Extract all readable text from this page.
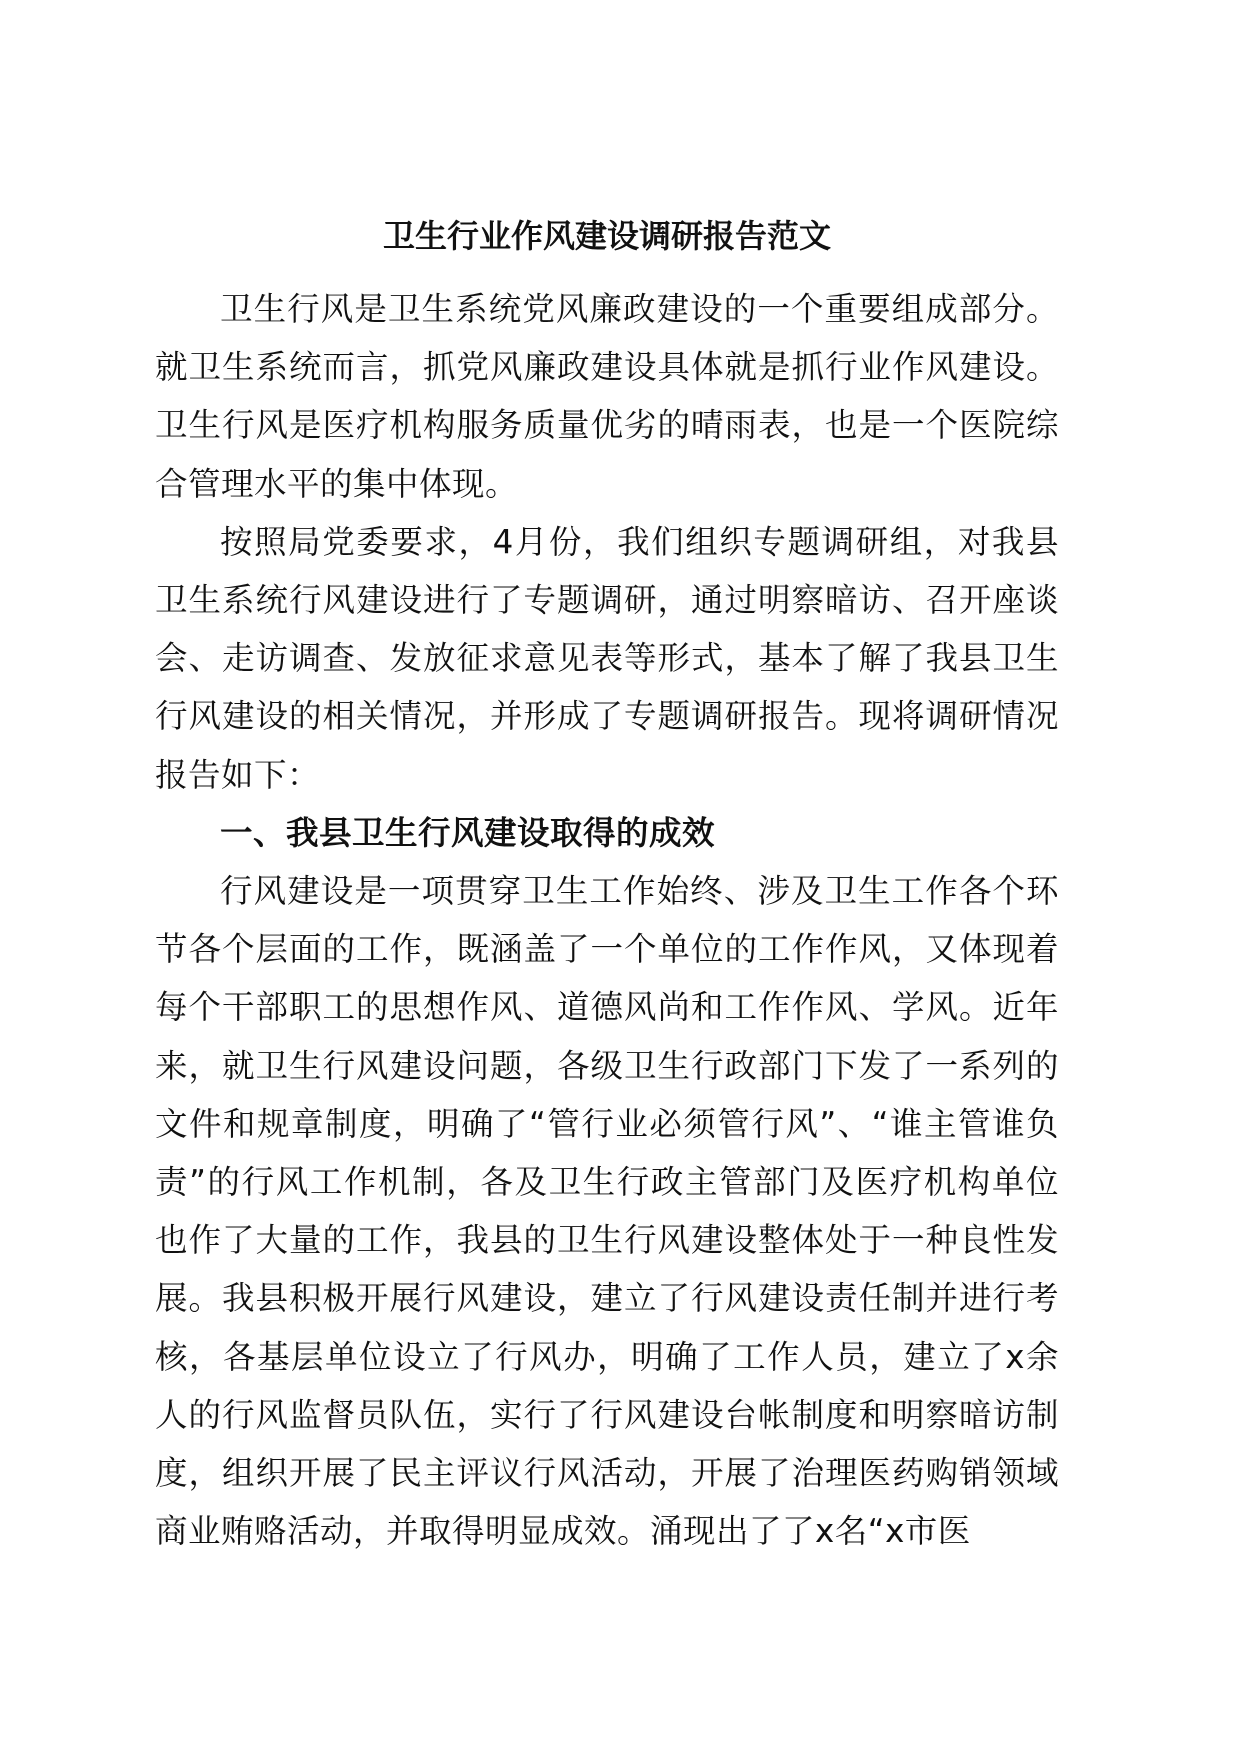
卫生行业作风建设调研报告范文

卫生行风是卫生系统党风廉政建设的一个重要组成部分。就卫生系统而言，抓党风廉政建设具体就是抓行业作风建设。卫生行风是医疗机构服务质量优劣的晴雨表，也是一个医院综合管理水平的集中体现。

按照局党委要求，4月份，我们组织专题调研组，对我县卫生系统行风建设进行了专题调研，通过明察暗访、召开座谈会、走访调查、发放征求意见表等形式，基本了解了我县卫生行风建设的相关情况，并形成了专题调研报告。现将调研情况报告如下：

一、我县卫生行风建设取得的成效

行风建设是一项贯穿卫生工作始终、涉及卫生工作各个环节各个层面的工作，既涵盖了一个单位的工作作风，又体现着每个干部职工的思想作风、道德风尚和工作作风、学风。近年来，就卫生行风建设问题，各级卫生行政部门下发了一系列的文件和规章制度，明确了“管行业必须管行风”、“谁主管谁负责”的行风工作机制，各及卫生行政主管部门及医疗机构单位也作了大量的工作，我县的卫生行风建设整体处于一种良性发展。我县积极开展行风建设，建立了行风建设责任制并进行考核，各基层单位设立了行风办，明确了工作人员，建立了x余人的行风监督员队伍，实行了行风建设台帐制度和明察暗访制度，组织开展了民主评议行风活动，开展了治理医药购销领域商业贿赂活动，并取得明显成效。涌现出了了x名“x市医
